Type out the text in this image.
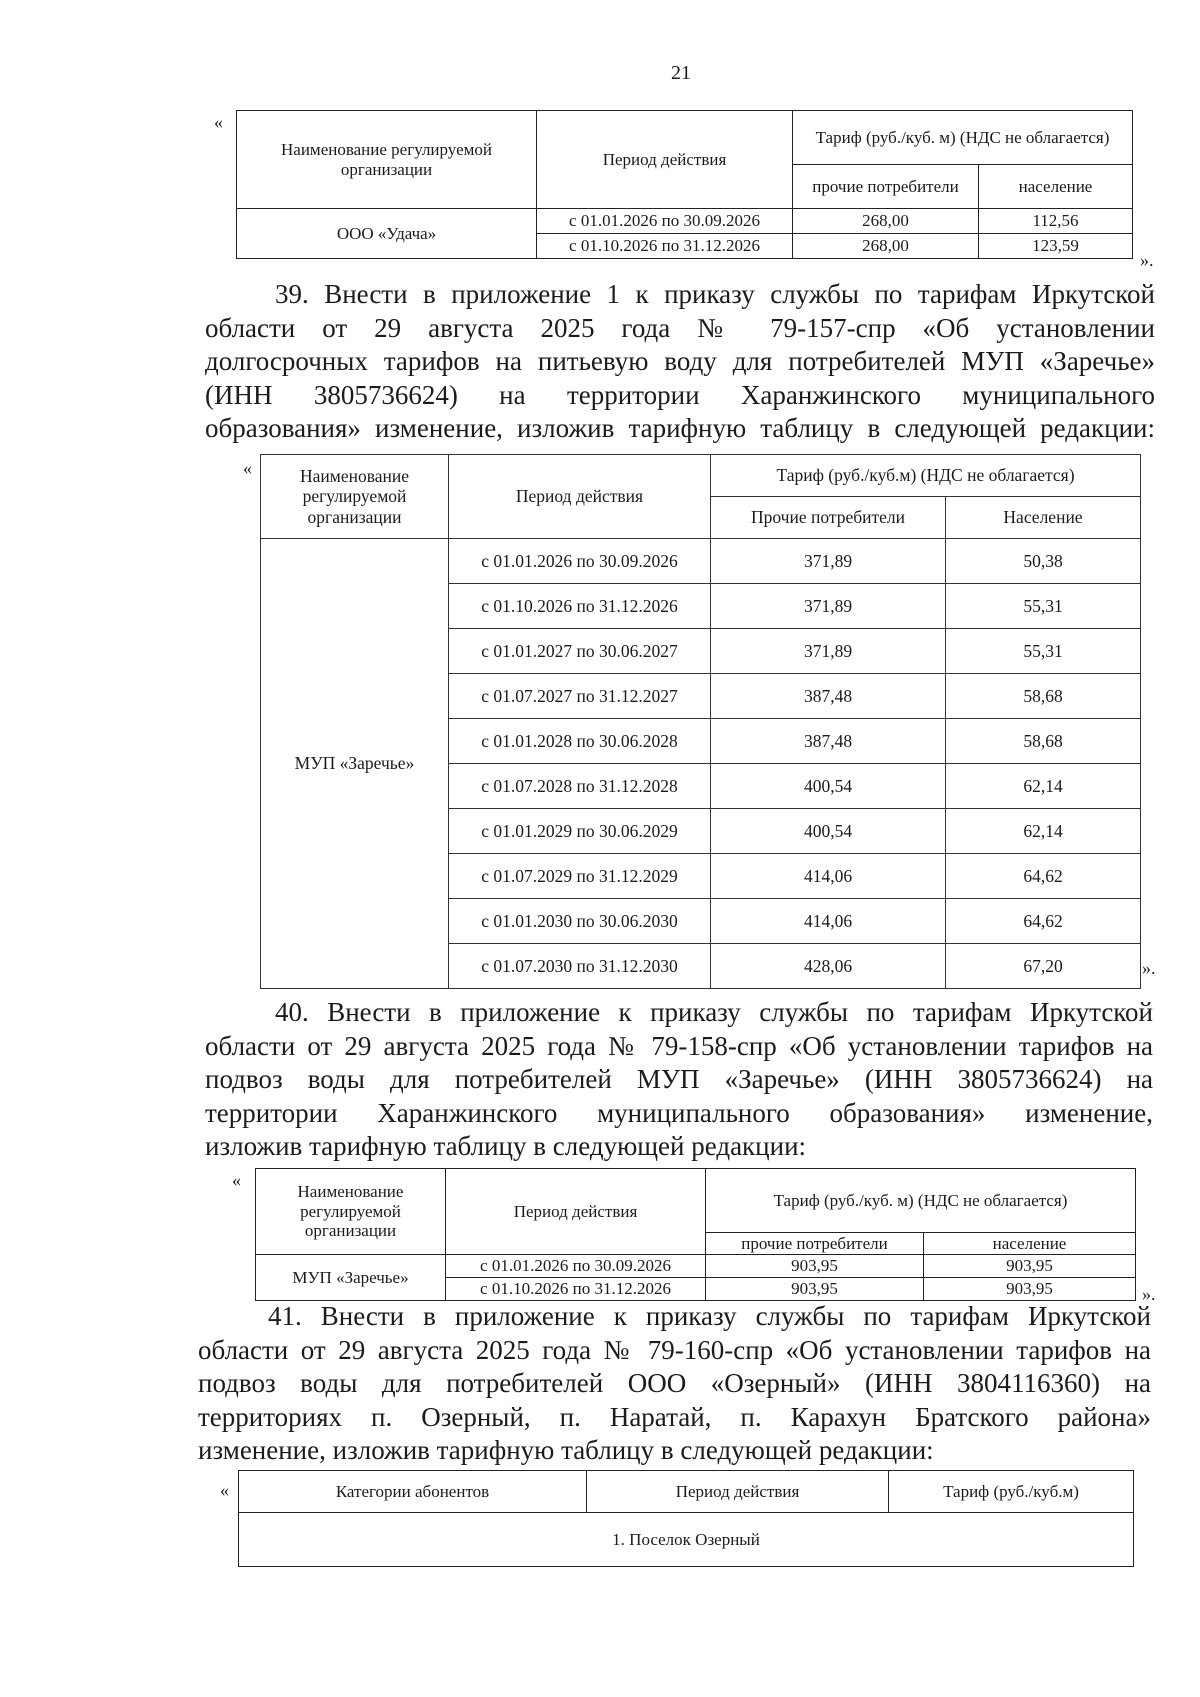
21
«
Наименование регулируемой организации	Период действия	Тариф (руб./куб. м) (НДС не облагается)	
		прочие потребители	население
ООО «Удача»	с 01.01.2026 по 30.09.2026	268,00	112,56
	с 01.10.2026 по 31.12.2026	268,00	123,59
».
39. Внести в приложение 1 к приказу службы по тарифам Иркутской
области от 29 августа 2025 года № 79-157-спр «Об установлении
долгосрочных тарифов на питьевую воду для потребителей МУП «Заречье»
(ИНН 3805736624) на территории Харанжинского муниципального
образования» изменение, изложив тарифную таблицу в следующей редакции:
«	Наименование регулируемой организации	Период действия	Тариф (руб./куб.м) (НДС не облагается)	
		Прочие потребители	Население
МУП «Заречье»	с 01.01.2026 по 30.09.2026	371,89	50,38
	с 01.10.2026 по 31.12.2026	371,89	55,31
	с 01.01.2027 по 30.06.2027	371,89	55,31
	с 01.07.2027 по 31.12.2027	387,48	58,68
	с 01.01.2028 по 30.06.2028	387,48	58,68
	с 01.07.2028 по 31.12.2028	400,54	62,14
	с 01.01.2029 по 30.06.2029	400,54	62,14
	с 01.07.2029 по 31.12.2029	414,06	64,62
	с 01.01.2030 по 30.06.2030	414,06	64,62
	с 01.07.2030 по 31.12.2030	428,06	67,20	».
40. Внести в приложение к приказу службы по тарифам Иркутской
области от 29 августа 2025 года № 79-158-спр «Об установлении тарифов на
подвоз воды для потребителей МУП «Заречье» (ИНН 3805736624) на
территории Харанжинского муниципального образования» изменение,
изложив тарифную таблицу в следующей редакции:
«
Наименование регулируемой организации	Период действия	Тариф (руб./куб. м) (НДС не облагается)	
		прочие потребители	население
МУП «Заречье»	с 01.01.2026 по 30.09.2026	903,95	903,95
	с 01.10.2026 по 31.12.2026	903,95	903,95	».
41. Внести в приложение к приказу службы по тарифам Иркутской
области от 29 августа 2025 года № 79-160-спр «Об установлении тарифов на
подвоз воды для потребителей ООО «Озерный» (ИНН 3804116360) на
территориях п. Озерный, п. Наратай, п. Карахун Братского района»
изменение, изложив тарифную таблицу в следующей редакции:
«	Категории абонентов	Период действия	Тариф (руб./куб.м)
1. Поселок Озерный
